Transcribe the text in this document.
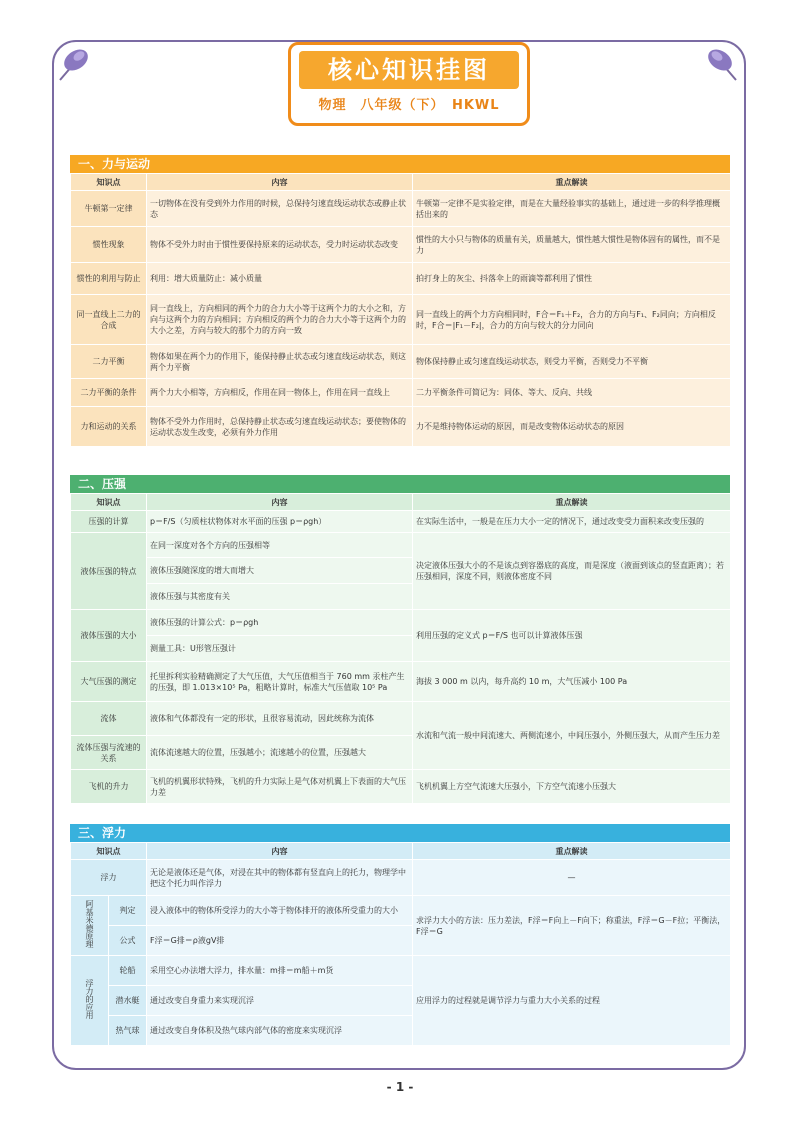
核心知识挂图
物理　八年级（下）　HKWL
一、力与运动
知识点	内容	重点解读
牛顿第一定律	一切物体在没有受到外力作用的时候，总保持匀速直线运动状态或静止状态	牛顿第一定律不是实验定律，而是在大量经验事实的基础上，通过进一步的科学推理概括出来的
惯性现象	物体不受外力时由于惯性要保持原来的运动状态，受力时运动状态改变	惯性的大小只与物体的质量有关，质量越大，惯性越大惯性是物体固有的属性，而不是力
惯性的利用与防止	利用：增大质量防止：减小质量	拍打身上的灰尘、抖落伞上的雨滴等都利用了惯性
同一直线上二力的合成	同一直线上，方向相同的两个力的合力大小等于这两个力的大小之和，方向与这两个力的方向相同；方向相反的两个力的合力大小等于这两个力的大小之差，方向与较大的那个力的方向一致	同一直线上的两个力方向相同时，F合＝F₁＋F₂，合力的方向与F₁、F₂同向；方向相反时，F合＝|F₁－F₂|，合力的方向与较大的分力同向
二力平衡	物体如果在两个力的作用下，能保持静止状态或匀速直线运动状态，则这两个力平衡	物体保持静止或匀速直线运动状态，则受力平衡，否则受力不平衡
二力平衡的条件	两个力大小相等，方向相反，作用在同一物体上，作用在同一直线上	二力平衡条件可简记为：同体、等大、反向、共线
力和运动的关系	物体不受外力作用时，总保持静止状态或匀速直线运动状态；要使物体的运动状态发生改变，必须有外力作用	力不是维持物体运动的原因，而是改变物体运动状态的原因
二、压强
知识点	内容	重点解读
压强的计算	p＝F/S（匀质柱状物体对水平面的压强 p＝ρgh）	在实际生活中，一般是在压力大小一定的情况下，通过改变受力面积来改变压强的
液体压强的特点	在同一深度对各个方向的压强相等	决定液体压强大小的不是该点到容器底的高度，而是深度（液面到该点的竖直距离）；若压强相同，深度不同，则液体密度不同
	液体压强随深度的增大而增大	
	液体压强与其密度有关	
液体压强的大小	液体压强的计算公式：p＝ρgh	利用压强的定义式 p＝F/S 也可以计算液体压强
	测量工具：U形管压强计	
大气压强的测定	托里拆利实验精确测定了大气压值，大气压值相当于 760 mm 汞柱产生的压强，即 1.013×10⁵ Pa，粗略计算时，标准大气压值取 10⁵ Pa	海拔 3 000 m 以内，每升高约 10 m，大气压减小 100 Pa
流体	液体和气体都没有一定的形状，且很容易流动，因此统称为流体	水流和气流一般中间流速大、两侧流速小，中间压强小，外侧压强大，从而产生压力差
流体压强与流速的关系	流体流速越大的位置，压强越小；流速越小的位置，压强越大	
飞机的升力	飞机的机翼形状特殊，飞机的升力实际上是气体对机翼上下表面的大气压力差	飞机机翼上方空气流速大压强小，下方空气流速小压强大
三、浮力
知识点		内容	重点解读
浮力		无论是液体还是气体，对浸在其中的物体都有竖直向上的托力，物理学中把这个托力叫作浮力	—
阿基米德原理	判定	浸入液体中的物体所受浮力的大小等于物体排开的液体所受重力的大小	求浮力大小的方法：压力差法，F浮＝F向上－F向下；称重法，F浮＝G－F拉；平衡法，F浮＝G
	公式	F浮＝G排＝ρ液gV排	
浮力的应用	轮船	采用空心办法增大浮力，排水量：m排＝m船＋m货	应用浮力的过程就是调节浮力与重力大小关系的过程
	潜水艇	通过改变自身重力来实现沉浮	
	热气球	通过改变自身体积及热气球内部气体的密度来实现沉浮	
- 1 -
